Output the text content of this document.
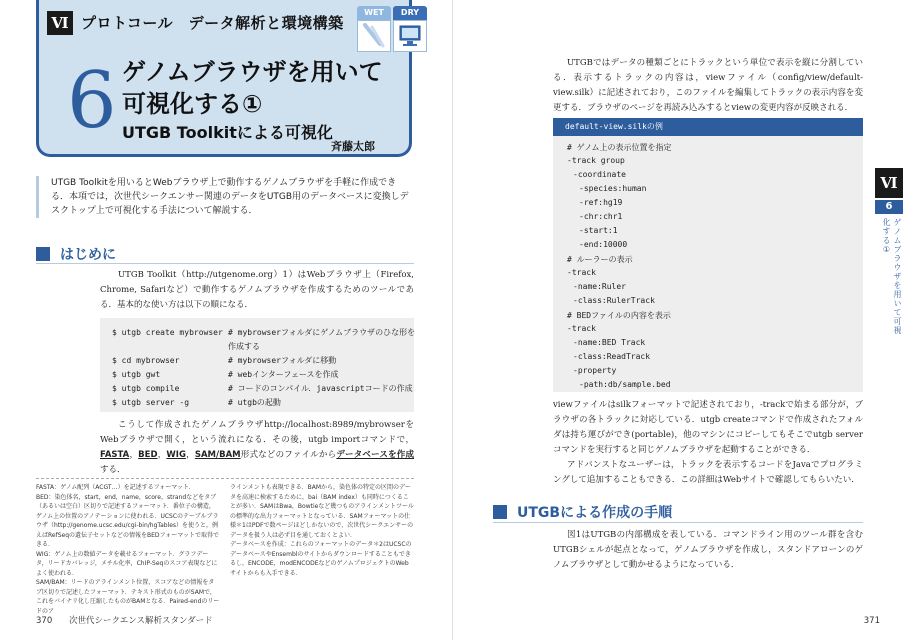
Ⅵ プロトコール　データ解析と環境構築
WET	DRY
6 ゲノムブラウザを用いて
可視化する①
UTGB Toolkitによる可視化
斉藤太郎
UTGB Toolkitを用いるとWebブラウザ上で動作するゲノムブラウザを手軽に作成できる．本項では，次世代シークエンサー関連のデータをUTGB用のデータベースに変換しデスクトップ上で可視化する手法について解説する．
はじめに
UTGB Toolkit（http://utgenome.org）1）はWebブラウザ上（Firefox, Chrome, Safariなど）で動作するゲノムブラウザを作成するためのツールである．基本的な使い方は以下の順になる．
$ utgb create mybrowser # mybrowserフォルダにゲノムブラウザのひな形を
作成する
$ cd mybrowser	# mybrowserフォルダに移動
$ utgb gwt	# webインターフェースを作成
$ utgb compile	# コードのコンパイル．javascriptコードの作成
$ utgb server -g	# utgbの起動
こうして作成されたゲノムブラウザhttp://localhost:8989/mybrowserをWebブラウザで開く，という流れになる．その後，utgb importコマンドで，FASTA，BED，WIG，SAM/BAM形式などのファイルからデータベースを作成する．
FASTA：ゲノム配列（ACGT…）を記述するフォーマット．
BED：染色体名，start，end，name，score，strandなどをタブ（あるいは空白）区切りで記述するフォーマット．番位子の構造，ゲノム上の位置のアノテーションに使われる．UCSCのテーブルブラウザ（http://genome.ucsc.edu/cgi-bin/hgTables）を使うと，例えばRefSeqの遺伝子セットなどの情報をBEDフォーマットで取得できる．
WIG：ゲノム上の数値データを載せるフォーマット．グラフデータ，リードカバレッジ，メチル化率，ChIP-Seqのスコア表現などによく使われる．
SAM/BAM：リードのアラインメント位置，スコアなどの情報をタブ区切りで記述したフォーマット．テキスト形式のものがSAMで，これをバイナリ化し圧縮したものがBAMとなる．Paired-endのリードのア
ラインメントも表現できる．BAMから，染色体の特定の区間のデータを高速に検索するために，bai（BAM index）も同時につくることが多い．SAMはBwa，Bowtieなど幾つものアラインメントツールの標準的な出力フォーマットとなっている．SAMフォーマットの仕様＊1はPDFで数ページほどしかないので，次世代シークエンサーのデータを扱う人は必ず目を通しておくとよい．
データベースを作成：これらのフォーマットのデータ＊2はUCSCのデータベースやEnsemblのサイトからダウンロードすることもできるし，ENCODE，modENCODEなどのゲノムプロジェクトのWebサイトからも入手できる．
370 次世代シークエンス解析スタンダード
UTGBではデータの種類ごとにトラックという単位で表示を縦に分割している．表示するトラックの内容は，viewファイル（config/view/default-view.silk）に記述されており，このファイルを編集してトラックの表示内容を変更する．ブラウザのページを再読み込みするとviewの変更内容が反映される．
default-view.silkの例
# ゲノム上の表示位置を指定
-track group
-coordinate
-species:human
-ref:hg19
-chr:chr1
-start:1
-end:10000
# ルーラーの表示
-track
-name:Ruler
-class:RulerTrack
# BEDファイルの内容を表示
-track
-name:BED Track
-class:ReadTrack
-property
-path:db/sample.bed
viewファイルはsilkフォーマットで記述されており，-trackで始まる部分が，ブラウザの各トラックに対応している．utgb createコマンドで作成されたフォルダは持ち運びができ(portable)，他のマシンにコピーしてもそこでutgb serverコマンドを実行すると同じゲノムブラウザを起動することができる．
アドバンストなユーザーは，トラックを表示するコードをJavaでプログラミングして追加することもできる．この詳細はWebサイトで確認してもらいたい．
UTGBによる作成の手順
図1はUTGBの内部構成を表している．コマンドライン用のツール群を含むUTGBシェルが起点となって，ゲノムブラウザを作成し，スタンドアローンのゲノムブラウザとして動かせるようになっている．
Ⅵ
6
ゲノムブラウザを用いて可視化する①
371
